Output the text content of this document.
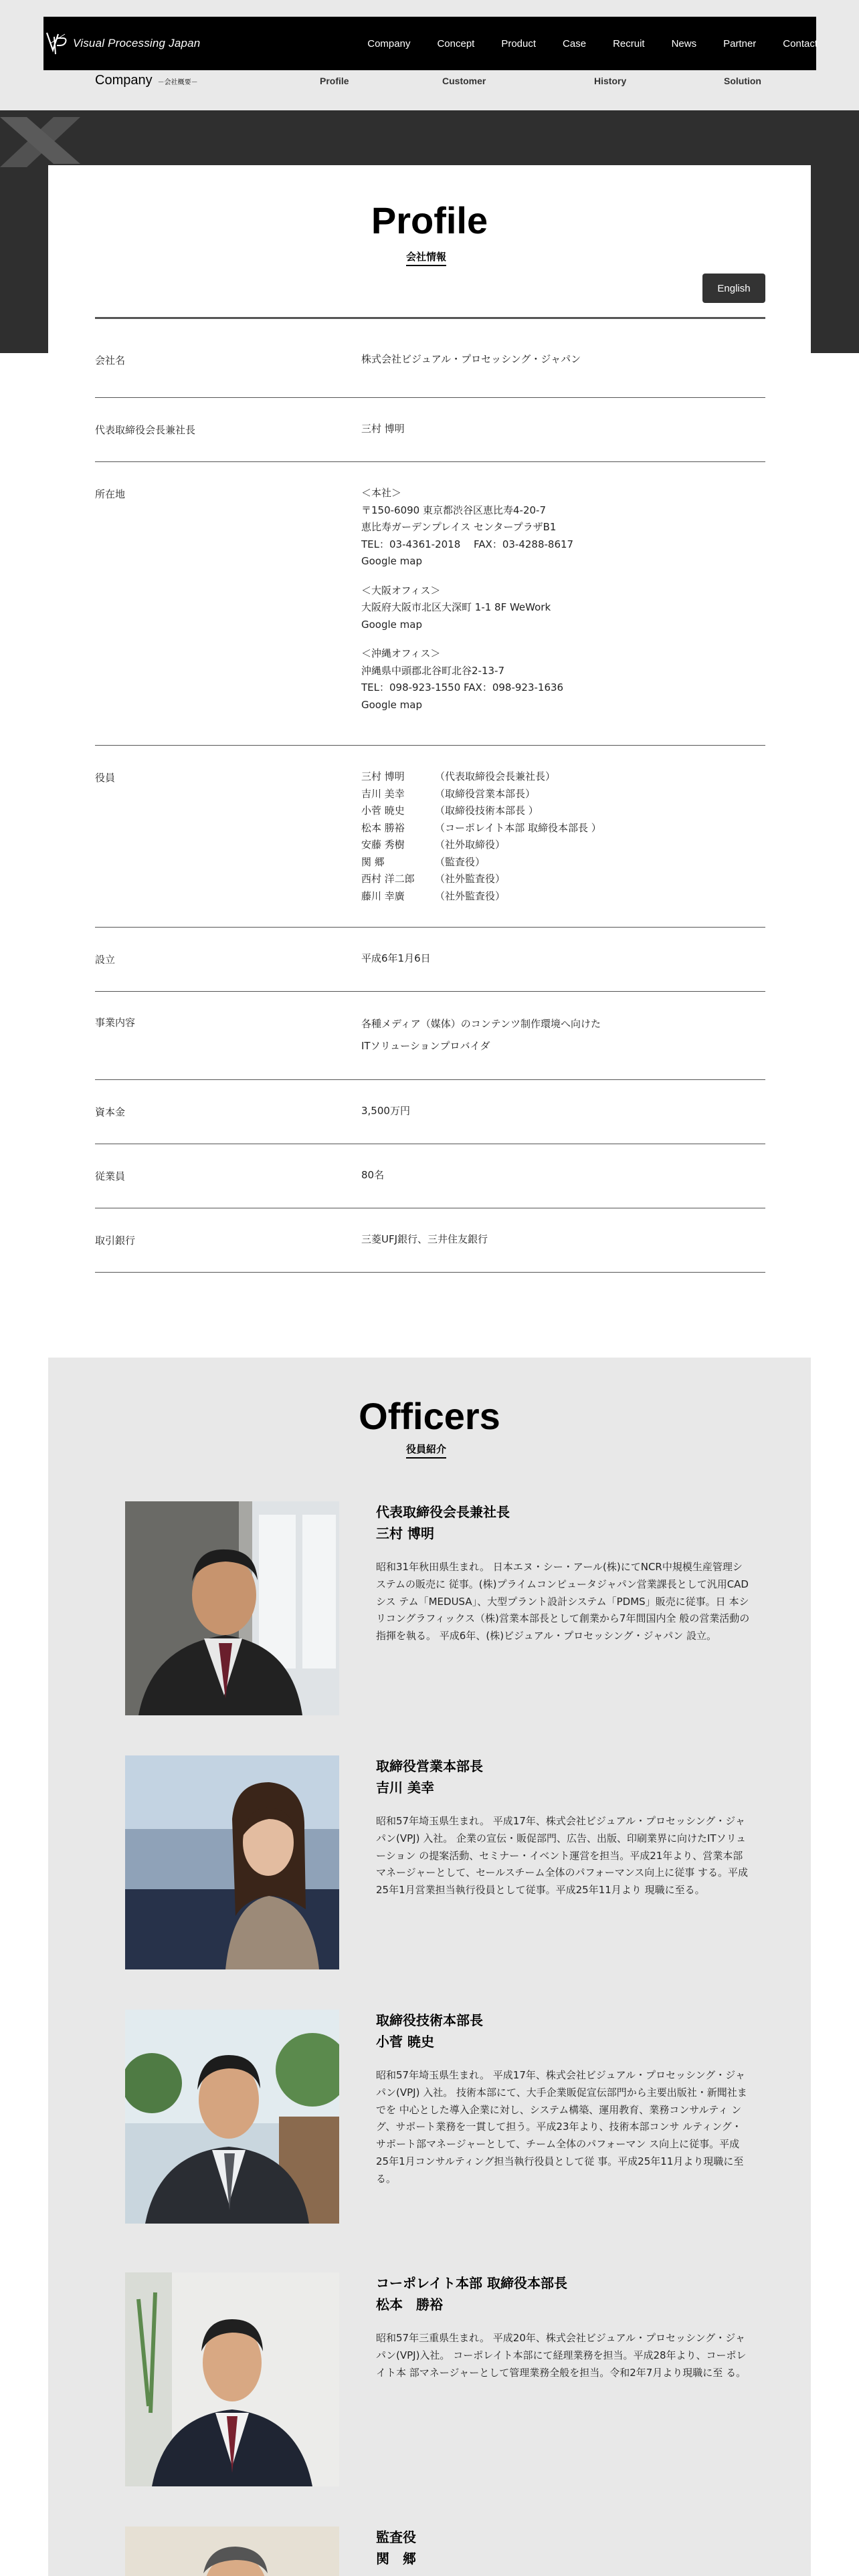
Visual Processing Japan	Company	Concept	Product	Case	Recruit	News	Partner	Contact
Company －会社概要－	Profile	Customer	History	Solution
Profile
会社情報
English
会社名	株式会社ビジュアル・プロセッシング・ジャパン
代表取締役会長兼社長	三村 博明
所在地	＜本社＞
〒150-6090 東京都渋谷区恵比寿4-20-7
恵比寿ガーデンプレイス センタープラザB1
TEL：03-4361-2018　 FAX：03-4288-8617
Google map
＜大阪オフィス＞
大阪府大阪市北区大深町 1-1 8F WeWork
Google map
＜沖縄オフィス＞
沖縄県中頭郡北谷町北谷2-13-7
TEL：098-923-1550 FAX：098-923-1636
Google map
役員	三村 博明	（代表取締役会長兼社長）
吉川 美幸	（取締役営業本部長）
小菅 暁史	（取締役技術本部長 ）
松本 勝裕	（コーポレイト本部 取締役本部長 ）
安藤 秀樹	（社外取締役）
関 郷	（監査役）
西村 洋二郎	（社外監査役）
藤川 幸廣	（社外監査役）
設立	平成6年1月6日
事業内容	各種メディア（媒体）のコンテンツ制作環境へ向けた
ITソリューションプロバイダ
資本金	3,500万円
従業員	80名
取引銀行	三菱UFJ銀行、三井住友銀行
Officers
役員紹介
代表取締役会長兼社長
三村 博明
昭和31年秋田県生まれ。 日本エヌ・シー・アール(株)にてNCR中規模生産管理システムの販売に 従事。(株)プライムコンピュータジャパン営業課長として汎用CADシス テム「MEDUSA」、大型プラント設計システム「PDMS」販売に従事。日 本シリコングラフィックス（株)営業本部長として創業から7年間国内全 般の営業活動の指揮を執る。 平成6年、(株)ビジュアル・プロセッシング・ジャパン 設立。
取締役営業本部長
吉川 美幸
昭和57年埼玉県生まれ。 平成17年、株式会社ビジュアル・プロセッシング・ジャパン(VPJ) 入社。 企業の宣伝・販促部門、広告、出版、印刷業界に向けたITソリューション の提案活動、セミナー・イベント運営を担当。平成21年より、営業本部 マネージャーとして、セールスチーム全体のパフォーマンス向上に従事 する。平成25年1月営業担当執行役員として従事。平成25年11月より 現職に至る。
取締役技術本部長
小菅 暁史
昭和57年埼玉県生まれ。 平成17年、株式会社ビジュアル・プロセッシング・ジャパン(VPJ) 入社。 技術本部にて、大手企業販促宣伝部門から主要出版社・新聞社までを 中心とした導入企業に対し、システム構築、運用教育、業務コンサルティ ング、サポート業務を一貫して担う。平成23年より、技術本部コンサ ルティング・サポート部マネージャーとして、チーム全体のパフォーマン ス向上に従事。平成25年1月コンサルティング担当執行役員として従 事。平成25年11月より現職に至る。
コーポレイト本部 取締役本部長
松本　勝裕
昭和57年三重県生まれ。 平成20年、株式会社ビジュアル・プロセッシング・ジャパン(VPJ)入社。 コーポレイト本部にて経理業務を担当。平成28年より、コーポレイト本 部マネージャーとして管理業務全般を担当。令和2年7月より現職に至 る。
監査役
関　郷
